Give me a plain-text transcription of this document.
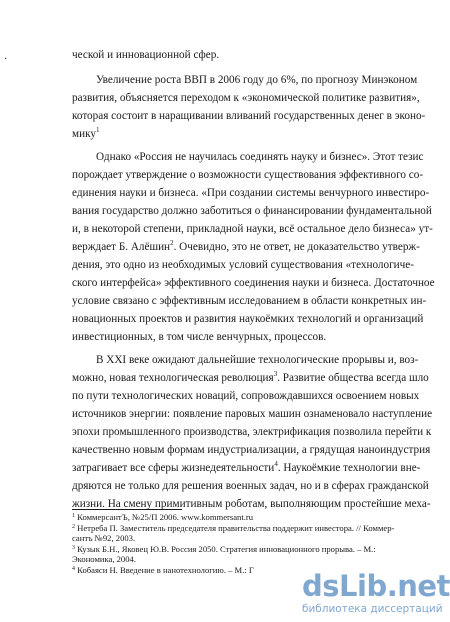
·	ческой и инновационной сфер.
Увеличение роста ВВП в 2006 году до 6%, по прогнозу Минэконом
развития, объясняется переходом к «экономической политике развития»,
которая состоит в наращивании вливаний государственных денег в эконо-
мику$^1$
Однако «Россия не научилась соединять науку и бизнес». Этот тезис
порождает утверждение о возможности существования эффективного со-
единения науки и бизнеса. «При создании системы венчурного инвестиро-
вания государство должно заботиться о финансировании фундаментальной
и, в некоторой степени, прикладной науки, всё остальное дело бизнеса» ут-
верждает Б. Алёшин$^2$. Очевидно, это не ответ, не доказательство утверж-
дения, это одно из необходимых условий существования «технологиче-
ского интерфейса» эффективного соединения науки и бизнеса. Достаточное
условие связано с эффективным исследованием в области конкретных ин-
новационных проектов и развития наукоёмких технологий и организаций
инвестиционных, в том числе венчурных, процессов.
В XXI веке ожидают дальнейшие технологические прорывы и, воз-
можно, новая технологическая революция$^3$. Развитие общества всегда шло
по пути технологических новаций, сопровождавшихся освоением новых
источников энергии: появление паровых машин ознаменовало наступление
эпохи промышленного производства, электрификация позволила перейти к
качественно новым формам индустриализации, а грядущая наноиндустрия
затрагивает все сферы жизнедеятельности$^4$. Наукоёмкие технологии вне-
дряются не только для решения военных задач, но и в сферах гражданской
жизни. На смену примитивным роботам, выполняющим простейшие меха-
$^1$ КоммерсантЪ, №25/П 2006. www.kommersant.ru
$^2$ Нетреба П. Заместитель председателя правительства поддержит инвестора. // Коммер-
сантъ №92, 2003.
$^3$ Кузык Б.Н., Яковец Ю.В. Россия 2050. Стратегия инновационного прорыва. – М.:
Экономика, 2004.
$^4$ Кобаяси Н. Введение в нанотехнологию. – М.: Г	dsLib.net
библиотека диссертаций
